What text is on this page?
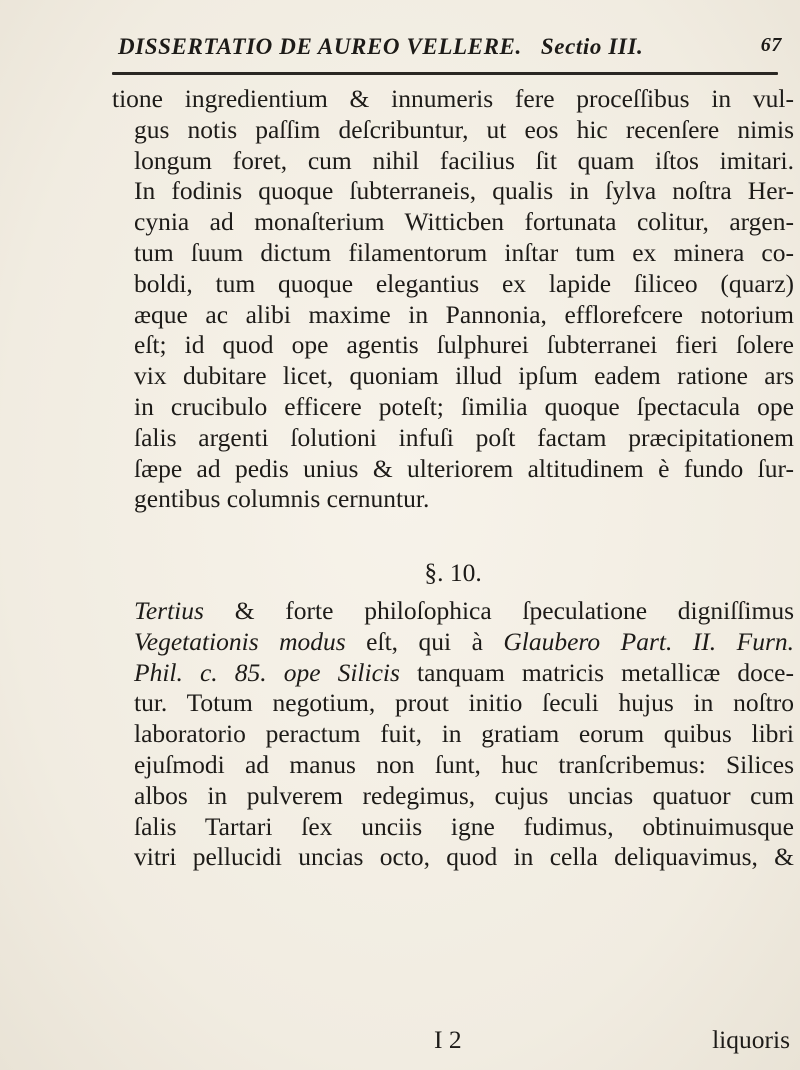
DISSERTATIO DE AUREO VELLERE. Sectio III.	67
tione ingredientium & innumeris fere proceſſibus in vul-
gus notis paſſim deſcribuntur, ut eos hic recenſere nimis
longum foret, cum nihil facilius ſit quam iſtos imitari.
In fodinis quoque ſubterraneis, qualis in ſylva noſtra Her-
cynia ad monaſterium Witticben fortunata colitur, argen-
tum ſuum dictum filamentorum inſtar tum ex minera co-
boldi, tum quoque elegantius ex lapide ſiliceo (quarz)
æque ac alibi maxime in Pannonia, efflorefcere notorium
eſt; id quod ope agentis ſulphurei ſubterranei fieri ſolere
vix dubitare licet, quoniam illud ipſum eadem ratione ars
in crucibulo efficere poteſt; ſimilia quoque ſpectacula ope
ſalis argenti ſolutioni infuſi poſt factam præcipitationem
ſæpe ad pedis unius & ulteriorem altitudinem è fundo ſur-
gentibus columnis cernuntur.
§. 10.
Tertius & forte philoſophica ſpeculatione digniſſimus
Vegetationis modus eſt, qui à Glaubero Part. II. Furn.
Phil. c. 85. ope Silicis tanquam matricis metallicæ doce-
tur. Totum negotium, prout initio ſeculi hujus in noſtro
laboratorio peractum fuit, in gratiam eorum quibus libri
ejuſmodi ad manus non ſunt, huc tranſcribemus: Silices
albos in pulverem redegimus, cujus uncias quatuor cum
ſalis Tartari ſex unciis igne fudimus, obtinuimusque
vitri pellucidi uncias octo, quod in cella deliquavimus, &
I 2	liquoris
